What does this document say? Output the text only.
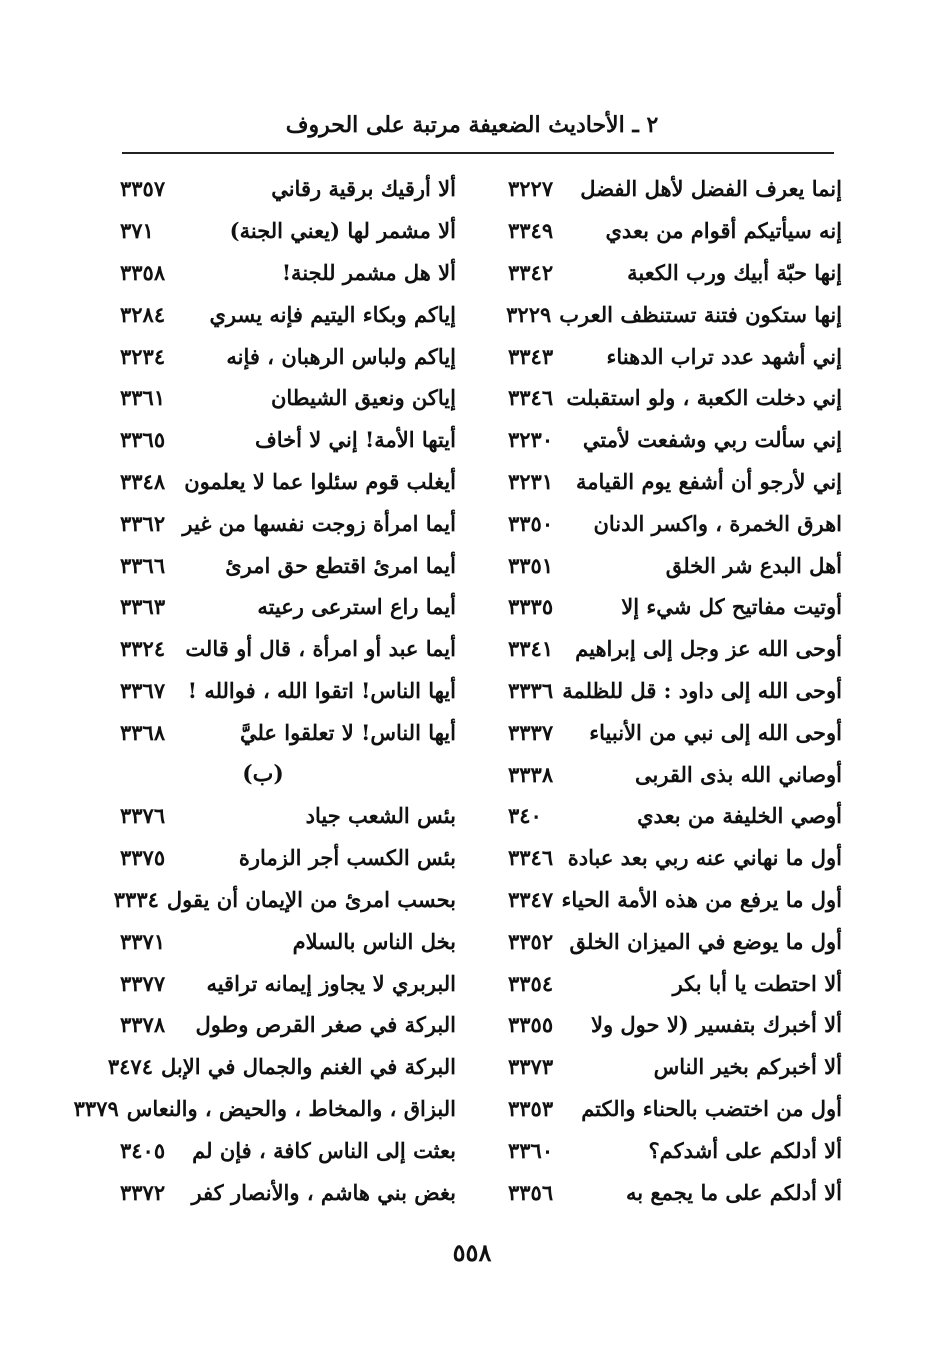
٢ ـ الأحاديث الضعيفة مرتبة على الحروف
إنما يعرف الفضل لأهل الفضل
٣٢٢٧
إنه سيأتيكم أقوام من بعدي
٣٣٤٩
إنها حبّة أبيك ورب الكعبة
٣٣٤٢
إنها ستكون فتنة تستنظف العرب
٣٢٢٩
إني أشهد عدد تراب الدهناء
٣٣٤٣
إني دخلت الكعبة ، ولو استقبلت
٣٣٤٦
إني سألت ربي وشفعت لأمتي
٣٢٣٠
إني لأرجو أن أشفع يوم القيامة
٣٢٣١
اهرق الخمرة ، واكسر الدنان
٣٣٥٠
أهل البدع شر الخلق
٣٣٥١
أوتيت مفاتيح كل شيء إلا
٣٣٣٥
أوحى الله عز وجل إلى إبراهيم
٣٣٤١
أوحى الله إلى داود : قل للظلمة
٣٣٣٦
أوحى الله إلى نبي من الأنبياء
٣٣٣٧
أوصاني الله بذى القربى
٣٣٣٨
أوصي الخليفة من بعدي
٣٤٠
أول ما نهاني عنه ربي بعد عبادة
٣٣٤٦
أول ما يرفع من هذه الأمة الحياء
٣٣٤٧
أول ما يوضع في الميزان الخلق
٣٣٥٢
ألا احتطت يا أبا بكر
٣٣٥٤
ألا أخبرك بتفسير (لا حول ولا
٣٣٥٥
ألا أخبركم بخير الناس
٣٣٧٣
أول من اختضب بالحناء والكتم
٣٣٥٣
ألا أدلكم على أشدكم؟
٣٣٦٠
ألا أدلكم على ما يجمع به
٣٣٥٦
ألا أرقيك برقية رقاني
٣٣٥٧
ألا مشمر لها (يعني الجنة)
٣٧١
ألا هل مشمر للجنة!
٣٣٥٨
إياكم وبكاء اليتيم فإنه يسري
٣٢٨٤
إياكم ولباس الرهبان ، فإنه
٣٢٣٤
إياكن ونعيق الشيطان
٣٣٦١
أيتها الأمة! إني لا أخاف
٣٣٦٥
أيغلب قوم سئلوا عما لا يعلمون
٣٣٤٨
أيما امرأة زوجت نفسها من غير
٣٣٦٢
أيما امرئ اقتطع حق امرئ
٣٣٦٦
أيما راع استرعى رعيته
٣٣٦٣
أيما عبد أو امرأة ، قال أو قالت
٣٣٢٤
أيها الناس! اتقوا الله ، فوالله !
٣٣٦٧
أيها الناس! لا تعلقوا عليَّ
٣٣٦٨
(ب)
بئس الشعب جياد
٣٣٧٦
بئس الكسب أجر الزمارة
٣٣٧٥
بحسب امرئ من الإيمان أن يقول
٣٣٣٤
بخل الناس بالسلام
٣٣٧١
البربري لا يجاوز إيمانه تراقيه
٣٣٧٧
البركة في صغر القرص وطول
٣٣٧٨
البركة في الغنم والجمال في الإبل
٣٤٧٤
البزاق ، والمخاط ، والحيض ، والنعاس
٣٣٧٩
بعثت إلى الناس كافة ، فإن لم
٣٤٠٥
بغض بني هاشم ، والأنصار كفر
٣٣٧٢
٥٥٨
